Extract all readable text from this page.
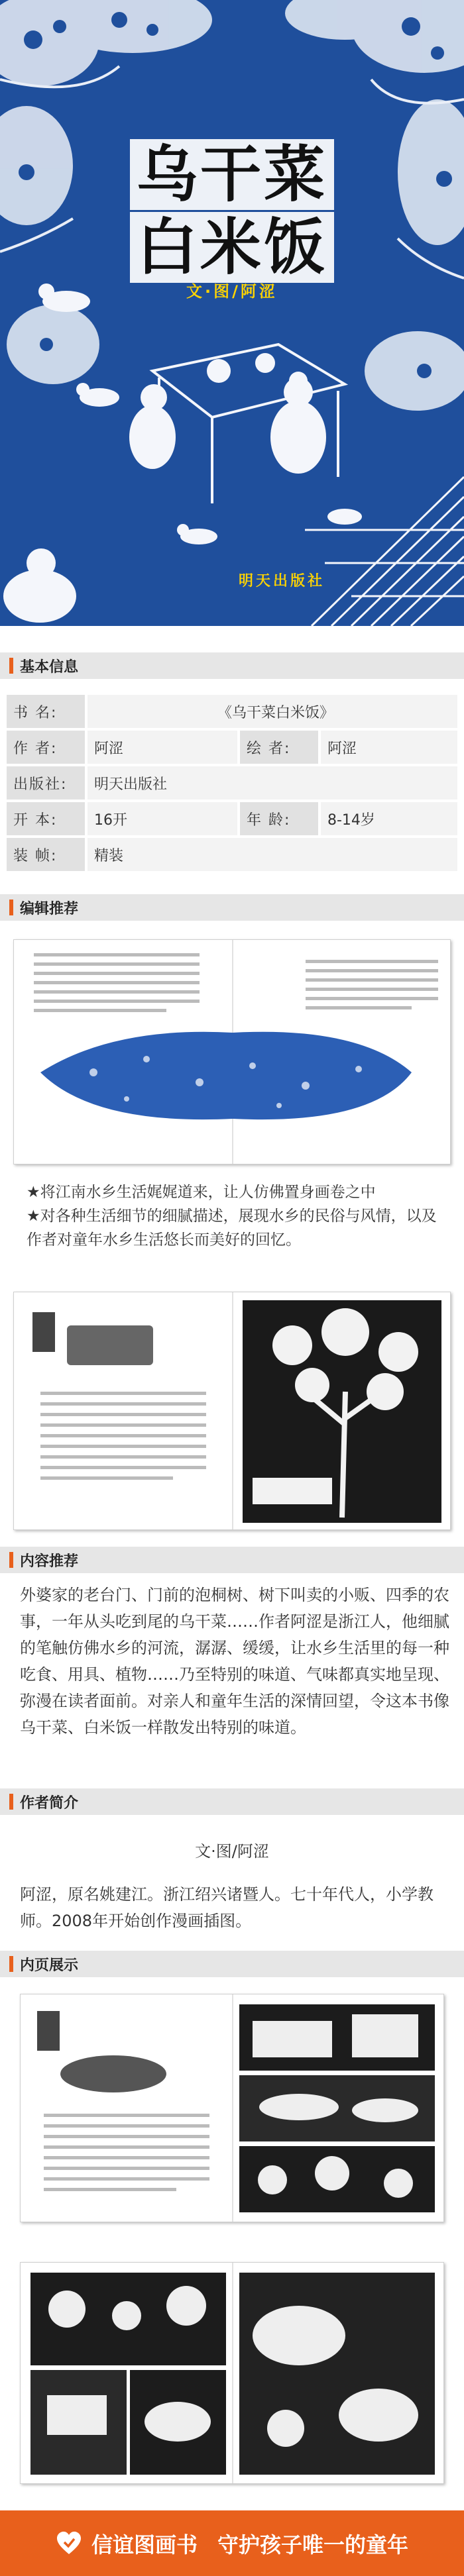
乌干菜
白米饭
文·图/阿涩
明天出版社
基本信息
书 名:	《乌干菜白米饭》		
作 者:	阿涩	绘 者:	阿涩
出版社:	明天出版社		
开 本:	16开	年 龄:	8-14岁
装 帧:	精装		
编辑推荐
★将江南水乡生活娓娓道来，让人仿佛置身画卷之中
★对各种生活细节的细腻描述，展现水乡的民俗与风情，以及作者对童年水乡生活悠长而美好的回忆。
内容推荐
外婆家的老台门、门前的泡桐树、树下叫卖的小贩、四季的农事，一年从头吃到尾的乌干菜……作者阿涩是浙江人，他细腻的笔触仿佛水乡的河流，潺潺、缓缓，让水乡生活里的每一种吃食、用具、植物……乃至特别的味道、气味都真实地呈现、弥漫在读者面前。对亲人和童年生活的深情回望，令这本书像乌干菜、白米饭一样散发出特别的味道。
作者简介
文·图/阿涩
阿涩，原名姚建江。浙江绍兴诸暨人。七十年代人，小学教师。2008年开始创作漫画插图。
内页展示
信谊图画书 守护孩子唯一的童年
